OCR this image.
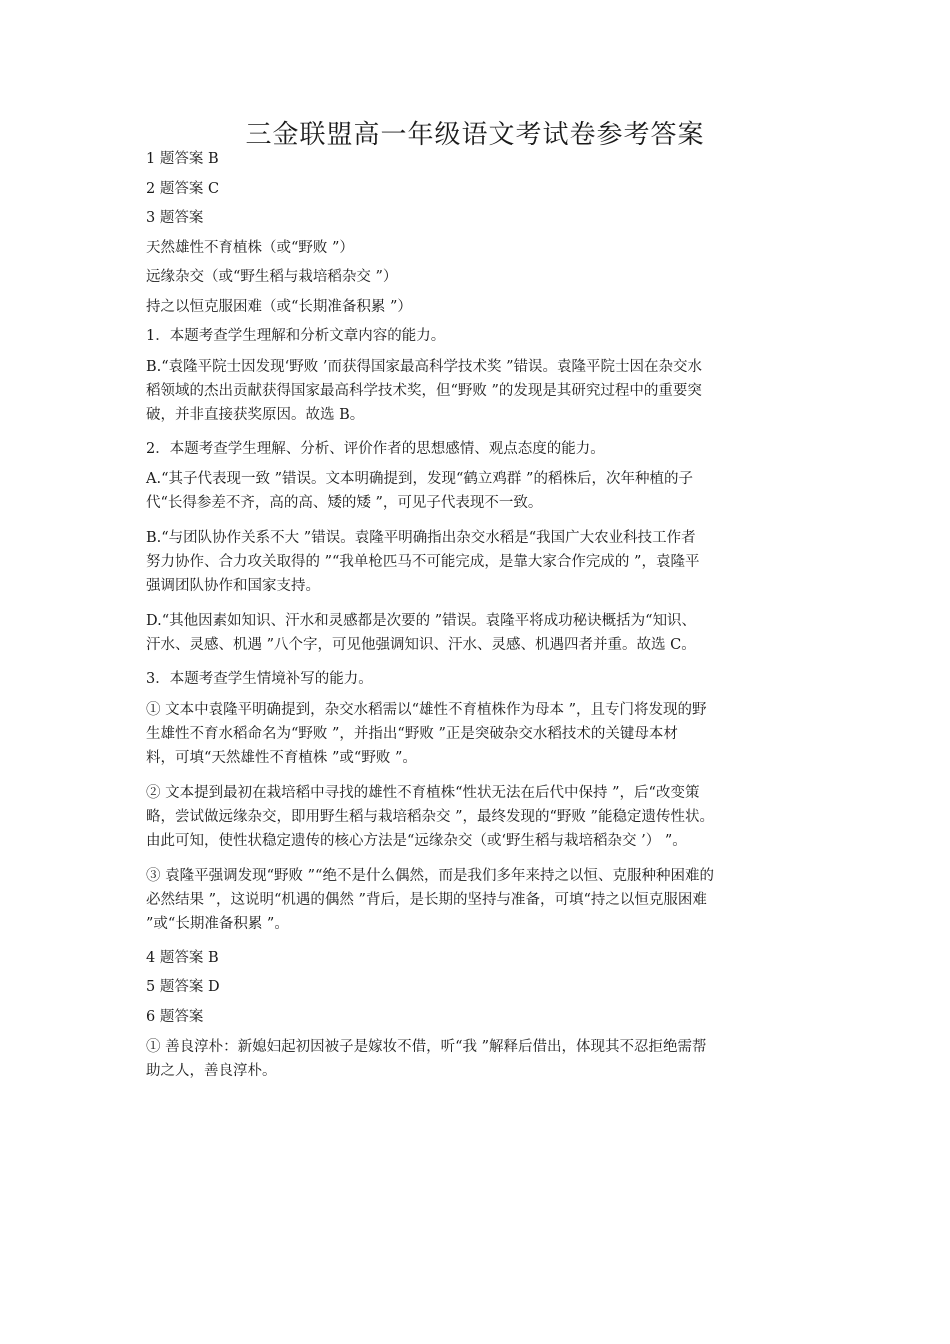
三金联盟高一年级语文考试卷参考答案

1 题答案 B

2 题答案 C

3 题答案

天然雄性不育植株（或“野败 ”）

远缘杂交（或“野生稻与栽培稻杂交 ”）

持之以恒克服困难（或“长期准备积累 ”）

1．本题考查学生理解和分析文章内容的能力。

B.“袁隆平院士因发现‘野败 ’而获得国家最高科学技术奖 ”错误。袁隆平院士因在杂交水
稻领域的杰出贡献获得国家最高科学技术奖，但“野败 ”的发现是其研究过程中的重要突
破，并非直接获奖原因。故选 B。

2．本题考查学生理解、分析、评价作者的思想感情、观点态度的能力。

A.“其子代表现一致 ”错误。文本明确提到，发现“鹤立鸡群 ”的稻株后，次年种植的子
代“长得参差不齐，高的高、矮的矮 ”，可见子代表现不一致。
B.“与团队协作关系不大 ”错误。袁隆平明确指出杂交水稻是“我国广大农业科技工作者
努力协作、合力攻关取得的 ”“我单枪匹马不可能完成，是靠大家合作完成的 ”，袁隆平
强调团队协作和国家支持。
D.“其他因素如知识、汗水和灵感都是次要的 ”错误。袁隆平将成功秘诀概括为“知识、
汗水、灵感、机遇 ”八个字，可见他强调知识、汗水、灵感、机遇四者并重。故选 C。

3．本题考查学生情境补写的能力。

① 文本中袁隆平明确提到，杂交水稻需以“雄性不育植株作为母本 ”，且专门将发现的野
生雄性不育水稻命名为“野败 ”，并指出“野败 ”正是突破杂交水稻技术的关键母本材
料，可填“天然雄性不育植株 ”或“野败 ”。
② 文本提到最初在栽培稻中寻找的雄性不育植株“性状无法在后代中保持 ”，后“改变策
略，尝试做远缘杂交，即用野生稻与栽培稻杂交 ”，最终发现的“野败 ”能稳定遗传性状。
由此可知，使性状稳定遗传的核心方法是“远缘杂交（或‘野生稻与栽培稻杂交 ’） ”。
③ 袁隆平强调发现“野败 ”“绝不是什么偶然，而是我们多年来持之以恒、克服种种困难的
必然结果 ”，这说明“机遇的偶然 ”背后，是长期的坚持与准备，可填“持之以恒克服困难
”或“长期准备积累 ”。

4 题答案 B

5 题答案 D

6 题答案

① 善良淳朴：新媳妇起初因被子是嫁妆不借，听“我 ”解释后借出，体现其不忍拒绝需帮
助之人，善良淳朴。
